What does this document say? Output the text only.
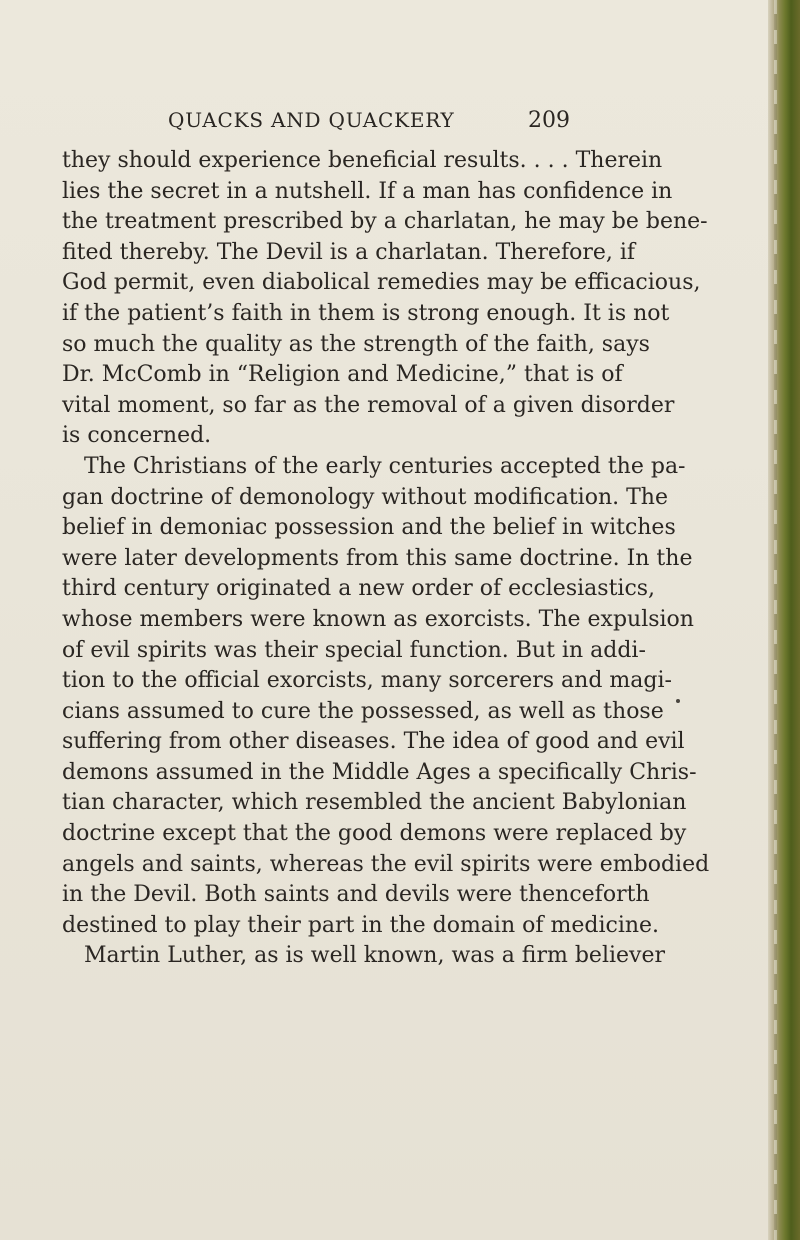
QUACKS AND QUACKERY	209
they should experience beneficial results. . . . Therein
lies the secret in a nutshell. If a man has confidence in
the treatment prescribed by a charlatan, he may be bene-
fited thereby. The Devil is a charlatan. Therefore, if
God permit, even diabolical remedies may be efficacious,
if the patient’s faith in them is strong enough. It is not
so much the quality as the strength of the faith, says
Dr. McComb in “Religion and Medicine,” that is of
vital moment, so far as the removal of a given disorder
is concerned.
The Christians of the early centuries accepted the pa-
gan doctrine of demonology without modification. The
belief in demoniac possession and the belief in witches
were later developments from this same doctrine. In the
third century originated a new order of ecclesiastics,
whose members were known as exorcists. The expulsion
of evil spirits was their special function. But in addi-
tion to the official exorcists, many sorcerers and magi-
cians assumed to cure the possessed, as well as those
suffering from other diseases. The idea of good and evil
demons assumed in the Middle Ages a specifically Chris-
tian character, which resembled the ancient Babylonian
doctrine except that the good demons were replaced by
angels and saints, whereas the evil spirits were embodied
in the Devil. Both saints and devils were thenceforth
destined to play their part in the domain of medicine.
Martin Luther, as is well known, was a firm believer
